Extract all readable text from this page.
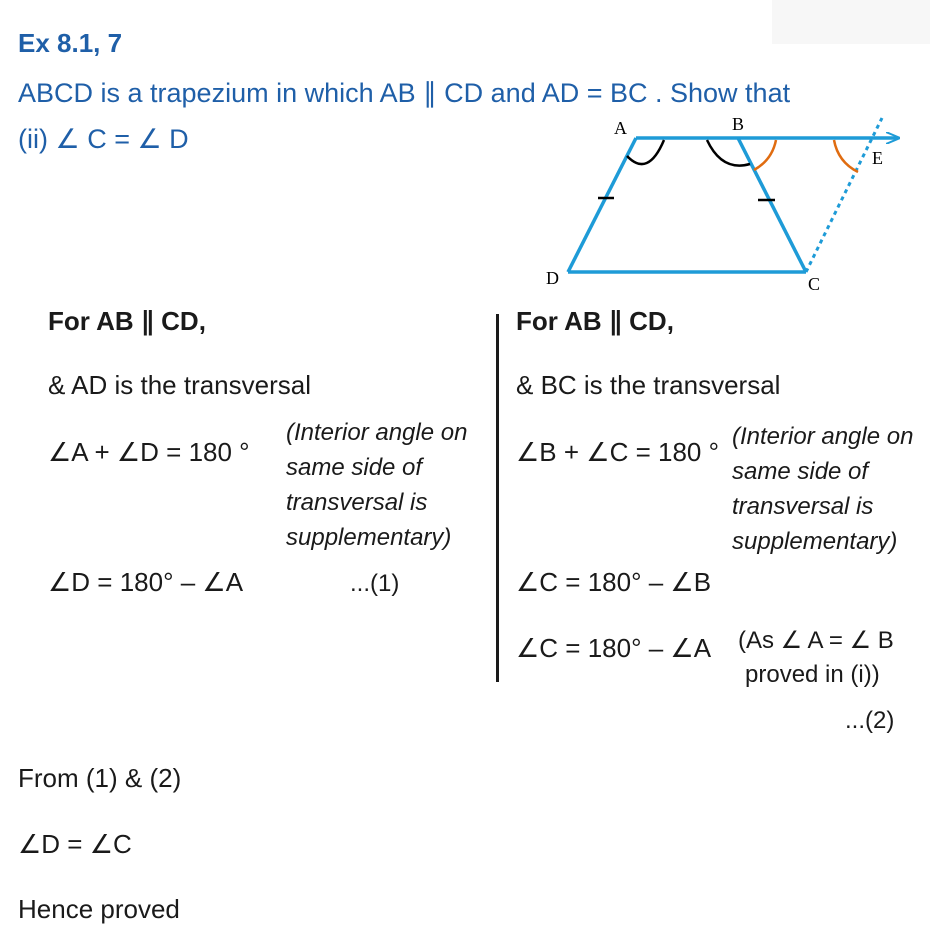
Ex 8.1, 7
ABCD is a trapezium in which AB ∥ CD and AD = BC . Show that
(ii) ∠ C = ∠ D	A	B
C
D
E
For AB ∥ CD,
& AD is the transversal
∠A + ∠D = 180 °
(Interior angle on same side of transversal is supplementary)
∠D = 180° – ∠A	...(1)
For AB ∥ CD,
& BC is the transversal
∠B + ∠C = 180 °
(Interior angle on same side of transversal is supplementary)
∠C = 180° – ∠B
∠C = 180° – ∠A (As ∠ A = ∠ B
proved in (i))
...(2)
From (1) & (2)
∠D = ∠C
Hence proved
